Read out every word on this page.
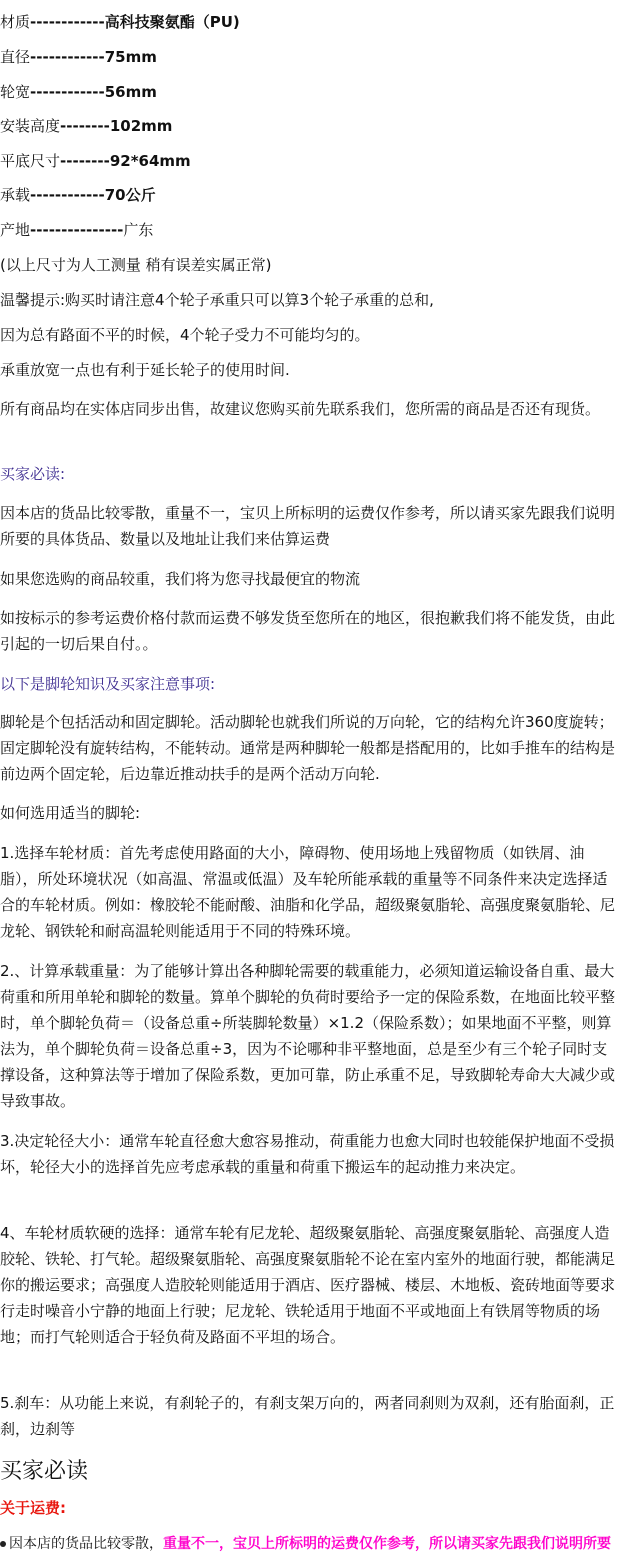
材质------------高科技聚氨酯（PU)
直径------------75mm
轮宽------------56mm
安装高度--------102mm
平底尺寸--------92*64mm
承载------------70公斤
产地---------------广东
(以上尺寸为人工测量 稍有误差实属正常)
温馨提示:购买时请注意4个轮子承重只可以算3个轮子承重的总和,
因为总有路面不平的时候，4个轮子受力不可能均匀的。
承重放宽一点也有利于延长轮子的使用时间.
所有商品均在实体店同步出售，故建议您购买前先联系我们，您所需的商品是否还有现货。
买家必读:
因本店的货品比较零散，重量不一，宝贝上所标明的运费仅作参考，所以请买家先跟我们说明所要的具体货品、数量以及地址让我们来估算运费
如果您选购的商品较重，我们将为您寻找最便宜的物流
如按标示的参考运费价格付款而运费不够发货至您所在的地区，很抱歉我们将不能发货，由此引起的一切后果自付。。
以下是脚轮知识及买家注意事项:
脚轮是个包括活动和固定脚轮。活动脚轮也就我们所说的万向轮，它的结构允许360度旋转；固定脚轮没有旋转结构，不能转动。通常是两种脚轮一般都是搭配用的，比如手推车的结构是前边两个固定轮，后边靠近推动扶手的是两个活动万向轮.
如何选用适当的脚轮:
1.选择车轮材质：首先考虑使用路面的大小，障碍物、使用场地上残留物质（如铁屑、油脂），所处环境状况（如高温、常温或低温）及车轮所能承载的重量等不同条件来决定选择适合的车轮材质。例如：橡胶轮不能耐酸、油脂和化学品，超级聚氨脂轮、高强度聚氨脂轮、尼龙轮、钢铁轮和耐高温轮则能适用于不同的特殊环境。
2.、计算承载重量：为了能够计算出各种脚轮需要的载重能力，必须知道运输设备自重、最大荷重和所用单轮和脚轮的数量。算单个脚轮的负荷时要给予一定的保险系数，在地面比较平整时，单个脚轮负荷＝（设备总重÷所装脚轮数量）×1.2（保险系数）；如果地面不平整，则算法为，单个脚轮负荷＝设备总重÷3，因为不论哪种非平整地面，总是至少有三个轮子同时支撑设备，这种算法等于增加了保险系数，更加可靠，防止承重不足，导致脚轮寿命大大减少或导致事故。
3.决定轮径大小：通常车轮直径愈大愈容易推动，荷重能力也愈大同时也较能保护地面不受损坏，轮径大小的选择首先应考虑承载的重量和荷重下搬运车的起动推力来决定。
4、车轮材质软硬的选择：通常车轮有尼龙轮、超级聚氨脂轮、高强度聚氨脂轮、高强度人造胶轮、铁轮、打气轮。超级聚氨脂轮、高强度聚氨脂轮不论在室内室外的地面行驶，都能满足你的搬运要求；高强度人造胶轮则能适用于酒店、医疗器械、楼层、木地板、瓷砖地面等要求行走时噪音小宁静的地面上行驶；尼龙轮、铁轮适用于地面不平或地面上有铁屑等物质的场地；而打气轮则适合于轻负荷及路面不平坦的场合。
5.刹车：从功能上来说，有刹轮子的，有刹支架万向的，两者同刹则为双刹，还有胎面刹，正刹，边刹等
买家必读
关于运费:
因本店的货品比较零散，重量不一，宝贝上所标明的运费仅作参考，所以请买家先跟我们说明所要
